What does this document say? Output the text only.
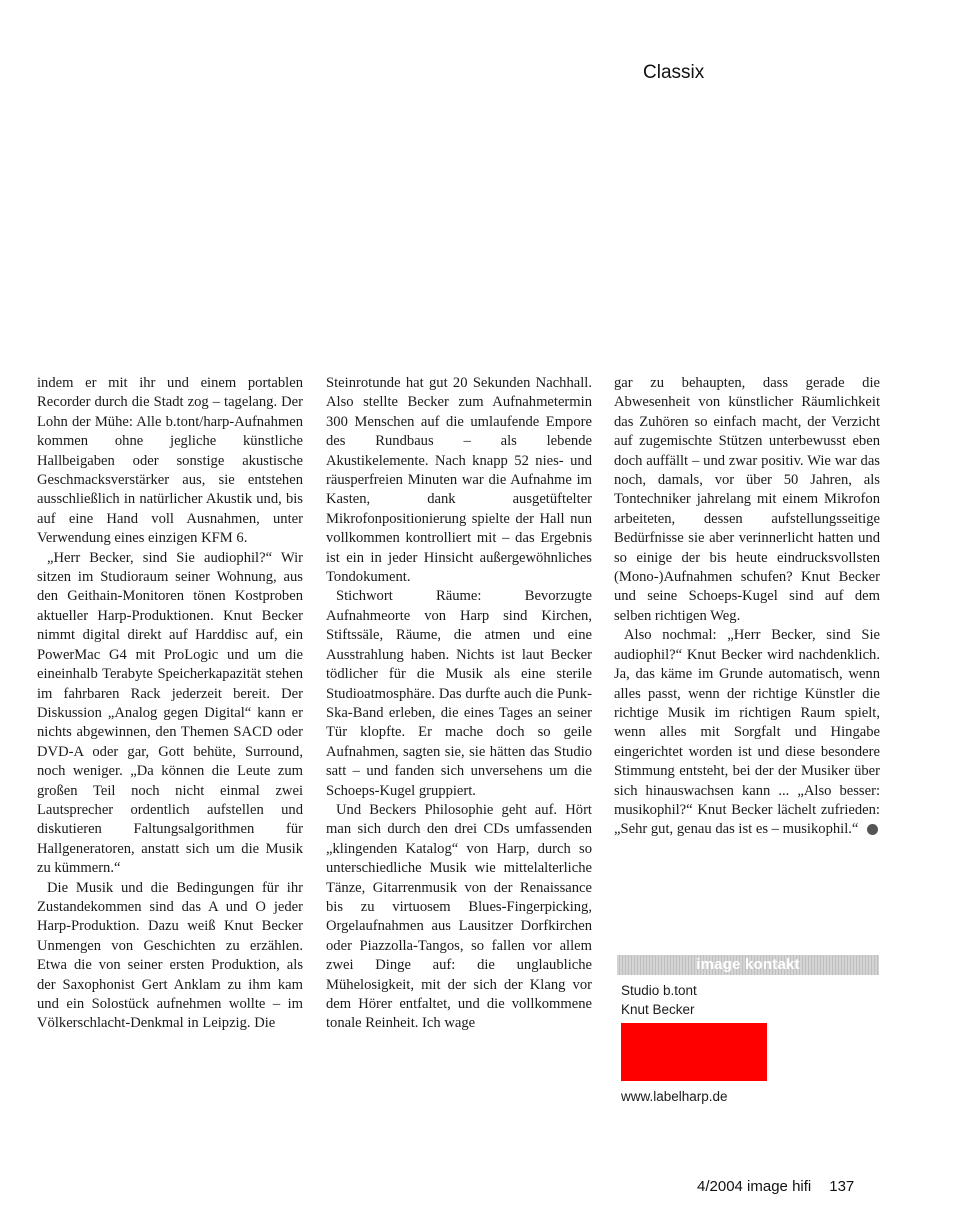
Classix

indem er mit ihr und einem portablen Recorder durch die Stadt zog – tagelang. Der Lohn der Mühe: Alle b.tont/harp-Aufnahmen kommen ohne jegliche künstliche Hallbeigaben oder sonstige akustische Geschmacksverstärker aus, sie entstehen ausschließlich in natürlicher Akustik und, bis auf eine Hand voll Ausnahmen, unter Verwendung eines einzigen KFM 6.

„Herr Becker, sind Sie audiophil?“ Wir sitzen im Studioraum seiner Wohnung, aus den Geithain-Monitoren tönen Kostproben aktueller Harp-Produktionen. Knut Becker nimmt digital direkt auf Harddisc auf, ein PowerMac G4 mit ProLogic und um die eineinhalb Terabyte Speicherkapazität stehen im fahrbaren Rack jederzeit bereit. Der Diskussion „Analog gegen Digital“ kann er nichts abgewinnen, den Themen SACD oder DVD-A oder gar, Gott behüte, Surround, noch weniger. „Da können die Leute zum großen Teil noch nicht einmal zwei Lautsprecher ordentlich aufstellen und diskutieren Faltungsalgorithmen für Hallgeneratoren, anstatt sich um die Musik zu kümmern.“

Die Musik und die Bedingungen für ihr Zustandekommen sind das A und O jeder Harp-Produktion. Dazu weiß Knut Becker Unmengen von Geschichten zu erzählen. Etwa die von seiner ersten Produktion, als der Saxophonist Gert Anklam zu ihm kam und ein Solostück aufnehmen wollte – im Völkerschlacht-Denkmal in Leipzig. Die

Steinrotunde hat gut 20 Sekunden Nachhall. Also stellte Becker zum Aufnahmetermin 300 Menschen auf die umlaufende Empore des Rundbaus – als lebende Akustikelemente. Nach knapp 52 nies- und räusperfreien Minuten war die Aufnahme im Kasten, dank ausgetüftelter Mikrofonpositionierung spielte der Hall nun vollkommen kontrolliert mit – das Ergebnis ist ein in jeder Hinsicht außergewöhnliches Tondokument.

Stichwort Räume: Bevorzugte Aufnahmeorte von Harp sind Kirchen, Stiftssäle, Räume, die atmen und eine Ausstrahlung haben. Nichts ist laut Becker tödlicher für die Musik als eine sterile Studioatmosphäre. Das durfte auch die Punk-Ska-Band erleben, die eines Tages an seiner Tür klopfte. Er mache doch so geile Aufnahmen, sagten sie, sie hätten das Studio satt – und fanden sich unversehens um die Schoeps-Kugel gruppiert.

Und Beckers Philosophie geht auf. Hört man sich durch den drei CDs umfassenden „klingenden Katalog“ von Harp, durch so unterschiedliche Musik wie mittelalterliche Tänze, Gitarrenmusik von der Renaissance bis zu virtuosem Blues-Fingerpicking, Orgelaufnahmen aus Lausitzer Dorfkirchen oder Piazzolla-Tangos, so fallen vor allem zwei Dinge auf: die unglaubliche Mühelosigkeit, mit der sich der Klang vor dem Hörer entfaltet, und die vollkommene tonale Reinheit. Ich wage

gar zu behaupten, dass gerade die Abwesenheit von künstlicher Räumlichkeit das Zuhören so einfach macht, der Verzicht auf zugemischte Stützen unterbewusst eben doch auffällt – und zwar positiv. Wie war das noch, damals, vor über 50 Jahren, als Tontechniker jahrelang mit einem Mikrofon arbeiteten, dessen aufstellungsseitige Bedürfnisse sie aber verinnerlicht hatten und so einige der bis heute eindrucksvollsten (Mono-)Aufnahmen schufen? Knut Becker und seine Schoeps-Kugel sind auf dem selben richtigen Weg.

Also nochmal: „Herr Becker, sind Sie audiophil?“ Knut Becker wird nachdenklich. Ja, das käme im Grunde automatisch, wenn alles passt, wenn der richtige Künstler die richtige Musik im richtigen Raum spielt, wenn alles mit Sorgfalt und Hingabe eingerichtet worden ist und diese besondere Stimmung entsteht, bei der der Musiker über sich hinauswachsen kann ... „Also besser: musikophil?“ Knut Becker lächelt zufrieden: „Sehr gut, genau das ist es – musikophil.“

image kontakt
Studio b.tont
Knut Becker
www.labelharp.de
4/2004 image hifi 137
